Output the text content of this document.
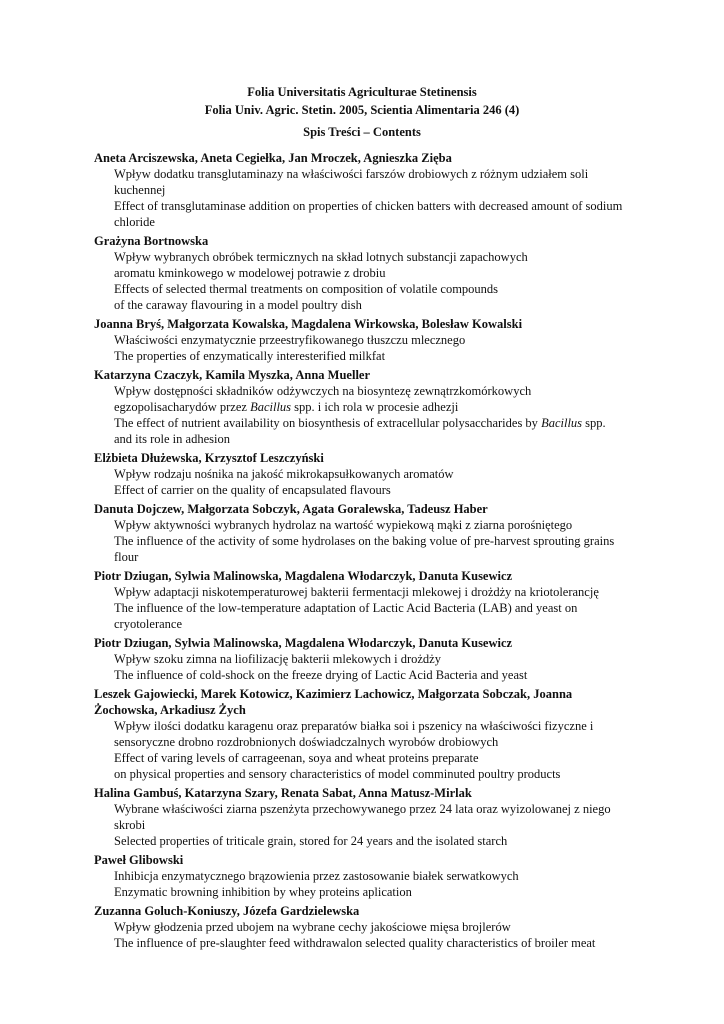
Folia Universitatis Agriculturae Stetinensis
Folia Univ. Agric. Stetin. 2005, Scientia Alimentaria 246 (4)
Spis Treści – Contents
Aneta Arciszewska, Aneta Cegiełka, Jan Mroczek, Agnieszka Zięba
Wpływ dodatku transglutaminazy na właściwości farszów drobiowych z różnym udziałem soli
kuchennej
Effect of transglutaminase addition on properties of chicken batters with decreased amount of sodium
chloride
Grażyna Bortnowska
Wpływ wybranych obróbek termicznych na skład lotnych substancji zapachowych
aromatu kminkowego w modelowej potrawie z drobiu
Effects of selected thermal treatments on composition of volatile compounds
of the caraway flavouring in a model poultry dish
Joanna Bryś, Małgorzata Kowalska, Magdalena Wirkowska, Bolesław Kowalski
Właściwości enzymatycznie przeestryfikowanego tłuszczu mlecznego
The properties of enzymatically interesterified milkfat
Katarzyna Czaczyk, Kamila Myszka, Anna Mueller
Wpływ dostępności składników odżywczych na biosyntezę zewnątrzkomórkowych
egzopolisacharydów przez Bacillus spp. i ich rola w procesie adhezji
The effect of nutrient availability on biosynthesis of extracellular polysaccharides by Bacillus spp.
and its role in adhesion
Elżbieta Dłużewska, Krzysztof Leszczyński
Wpływ rodzaju nośnika na jakość mikrokapsułkowanych aromatów
Effect of carrier on the quality of encapsulated flavours
Danuta Dojczew, Małgorzata Sobczyk, Agata Goralewska, Tadeusz Haber
Wpływ aktywności wybranych hydrolaz na wartość wypiekową mąki z ziarna porośniętego
The influence of the activity of some hydrolases on the baking volue of pre-harvest sprouting grains
flour
Piotr Dziugan, Sylwia Malinowska, Magdalena Włodarczyk, Danuta Kusewicz
Wpływ adaptacji niskotemperaturowej bakterii fermentacji mlekowej i drożdży na kriotolerancję
The influence of the low-temperature adaptation of Lactic Acid Bacteria (LAB) and yeast on
cryotolerance
Piotr Dziugan, Sylwia Malinowska, Magdalena Włodarczyk, Danuta Kusewicz
Wpływ szoku zimna na liofilizację bakterii mlekowych i drożdży
The influence of cold-shock on the freeze drying of Lactic Acid Bacteria and yeast
Leszek Gajowiecki, Marek Kotowicz, Kazimierz Lachowicz, Małgorzata Sobczak, Joanna
Żochowska, Arkadiusz Żych
Wpływ ilości dodatku karagenu oraz preparatów białka soi i pszenicy na właściwości fizyczne i
sensoryczne drobno rozdrobnionych doświadczalnych wyrobów drobiowych
Effect of varing levels of carrageenan, soya and wheat proteins preparate
on physical properties and sensory characteristics of model comminuted poultry products
Halina Gambuś, Katarzyna Szary, Renata Sabat, Anna Matusz-Mirlak
Wybrane właściwości ziarna pszenżyta przechowywanego przez 24 lata oraz wyizolowanej z niego
skrobi
Selected properties of triticale grain, stored for 24 years and the isolated starch
Paweł Glibowski
Inhibicja enzymatycznego brązowienia przez zastosowanie białek serwatkowych
Enzymatic browning inhibition by whey proteins aplication
Zuzanna Goluch-Koniuszy, Józefa Gardzielewska
Wpływ głodzenia przed ubojem na wybrane cechy jakościowe mięsa brojlerów
The influence of pre-slaughter feed withdrawalon selected quality characteristics of broiler meat
